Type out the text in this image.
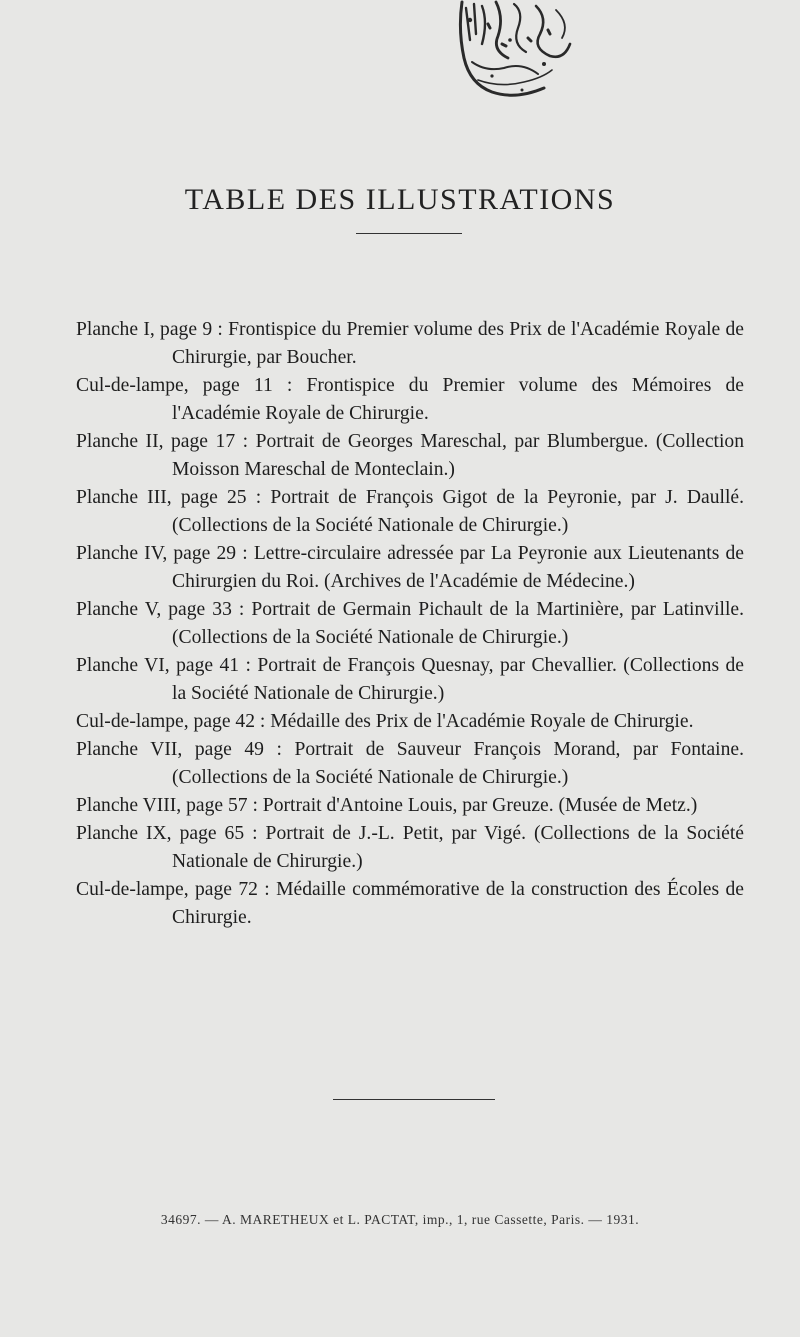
TABLE DES ILLUSTRATIONS

Planche I, page 9 : Frontispice du Premier volume des Prix de l'Académie Royale de Chirurgie, par Boucher.

Cul-de-lampe, page 11 : Frontispice du Premier volume des Mémoires de l'Académie Royale de Chirurgie.

Planche II, page 17 : Portrait de Georges Mareschal, par Blumbergue. (Collection Moisson Mareschal de Monteclain.)

Planche III, page 25 : Portrait de François Gigot de la Peyronie, par J. Daullé. (Collections de la Société Nationale de Chirurgie.)

Planche IV, page 29 : Lettre-circulaire adressée par La Peyronie aux Lieutenants de Chirurgien du Roi. (Archives de l'Académie de Médecine.)

Planche V, page 33 : Portrait de Germain Pichault de la Martinière, par Latinville. (Collections de la Société Nationale de Chirurgie.)

Planche VI, page 41 : Portrait de François Quesnay, par Chevallier. (Collections de la Société Nationale de Chirurgie.)

Cul-de-lampe, page 42 : Médaille des Prix de l'Académie Royale de Chirurgie.

Planche VII, page 49 : Portrait de Sauveur François Morand, par Fontaine. (Collections de la Société Nationale de Chirurgie.)

Planche VIII, page 57 : Portrait d'Antoine Louis, par Greuze. (Musée de Metz.)

Planche IX, page 65 : Portrait de J.-L. Petit, par Vigé. (Collections de la Société Nationale de Chirurgie.)

Cul-de-lampe, page 72 : Médaille commémorative de la construction des Écoles de Chirurgie.

34697. — A. MARETHEUX et L. PACTAT, imp., 1, rue Cassette, Paris. — 1931.
